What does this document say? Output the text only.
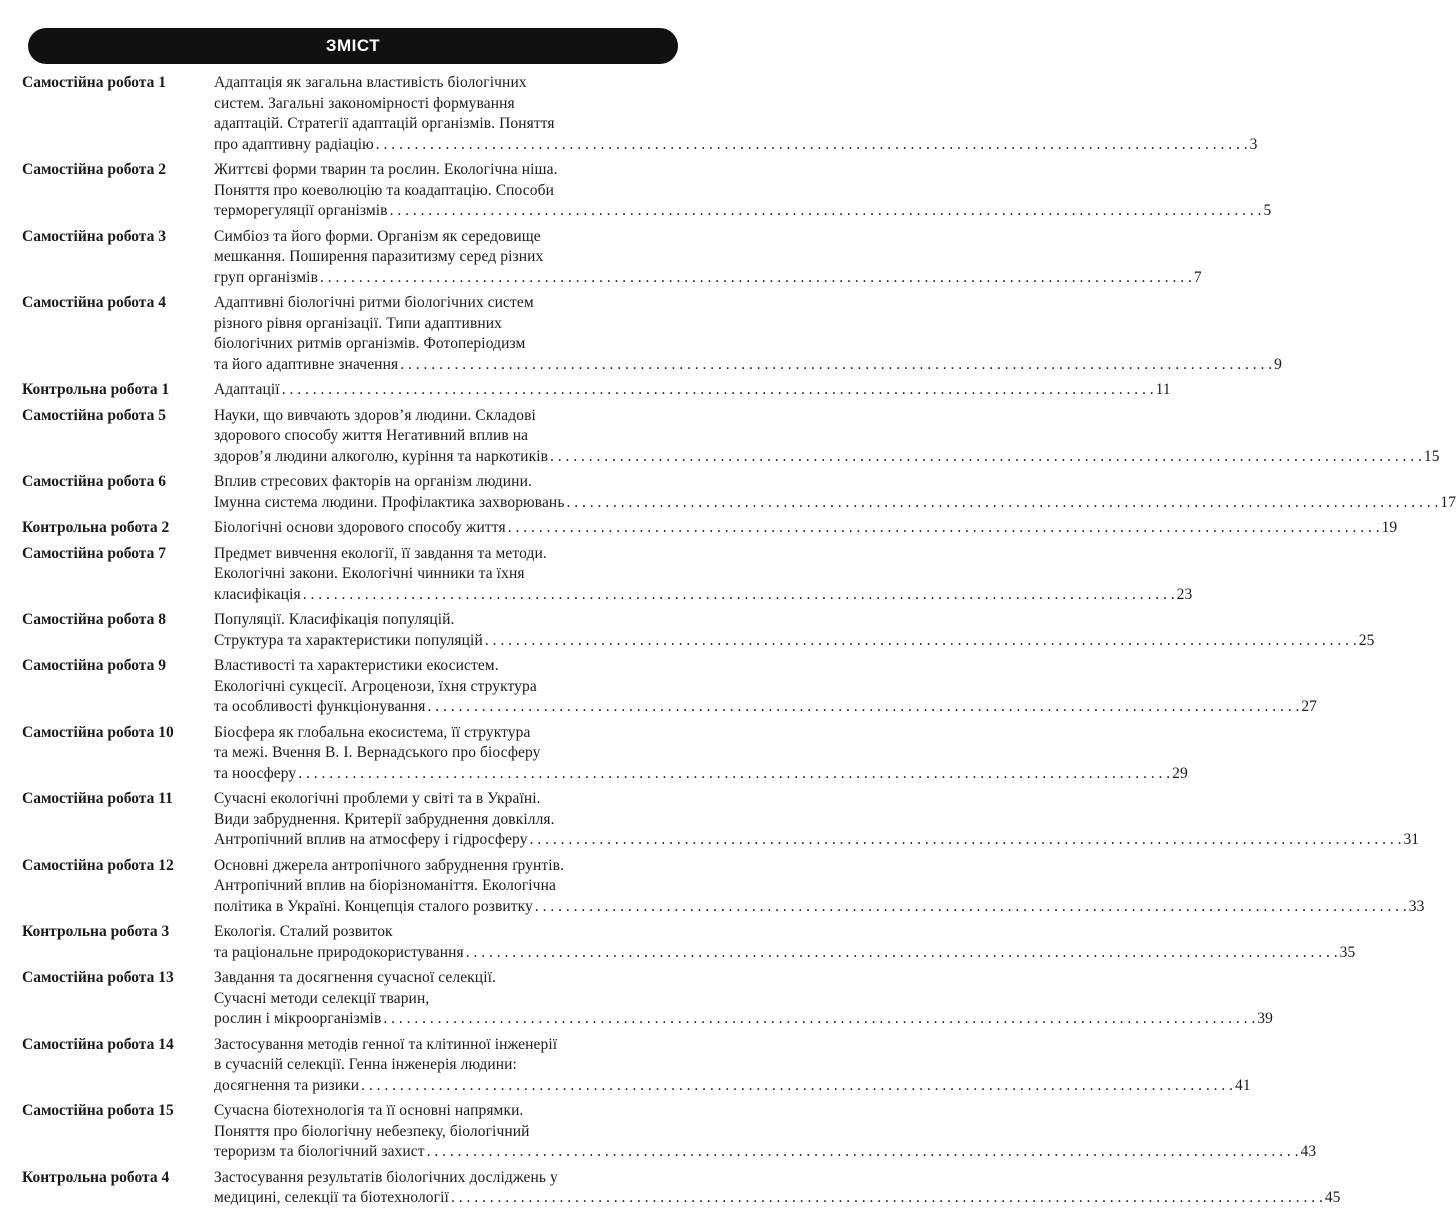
ЗМІСТ
Самостійна робота 1	Адаптація як загальна властивість біологічних
систем. Загальні закономірності формування
адаптацій. Стратегії адаптацій організмів. Поняття
про адаптивну радіацію . . .	3
Самостійна робота 2	Життєві форми тварин та рослин. Екологічна ніша.
Поняття про коеволюцію та коадаптацію. Способи
терморегуляції організмів . . .	5
Самостійна робота 3	Симбіоз та його форми. Організм як середовище
мешкання. Поширення паразитизму серед різних
груп організмів . . .	7
Самостійна робота 4	Адаптивні біологічні ритми біологічних систем
різного рівня організації. Типи адаптивних
біологічних ритмів організмів. Фотоперіодизм
та його адаптивне значення . . .	9
Контрольна робота 1	Адаптації . . .	11
Самостійна робота 5	Науки, що вивчають здоров’я людини. Складові
здорового способу життя Негативний вплив на
здоров’я людини алкоголю, куріння та наркотиків . . .	15
Самостійна робота 6	Вплив стресових факторів на організм людини.
Імунна система людини. Профілактика захворювань . . .	17
Контрольна робота 2	Біологічні основи здорового способу життя . . .	19
Самостійна робота 7	Предмет вивчення екології, її завдання та методи.
Екологічні закони. Екологічні чинники та їхня
класифікація . . .	23
Самостійна робота 8	Популяції. Класифікація популяцій.
Структура та характеристики популяцій . . .	25
Самостійна робота 9	Властивості та характеристики екосистем.
Екологічні сукцесії. Агроценози, їхня структура
та особливості функціонування . . .	27
Самостійна робота 10	Біосфера як глобальна екосистема, її структура
та межі. Вчення В. І. Вернадського про біосферу
та ноосферу . . .	29
Самостійна робота 11	Сучасні екологічні проблеми у світі та в Україні.
Види забруднення. Критерії забруднення довкілля.
Антропічний вплив на атмосферу і гідросферу . . .	31
Самостійна робота 12	Основні джерела антропічного забруднення ґрунтів.
Антропічний вплив на біорізноманіття. Екологічна
політика в Україні. Концепція сталого розвитку . . .	33
Контрольна робота 3	Екологія. Сталий розвиток
та раціональне природокористування . . .	35
Самостійна робота 13	Завдання та досягнення сучасної селекції.
Сучасні методи селекції тварин,
рослин і мікроорганізмів . . .	39
Самостійна робота 14	Застосування методів генної та клітинної інженерії
в сучасній селекції. Генна інженерія людини:
досягнення та ризики . . .	41
Самостійна робота 15	Сучасна біотехнологія та її основні напрямки.
Поняття про біологічну небезпеку, біологічний
тероризм та біологічний захист . . .	43
Контрольна робота 4	Застосування результатів біологічних досліджень у
медицині, селекції та біотехнології . . .	45
